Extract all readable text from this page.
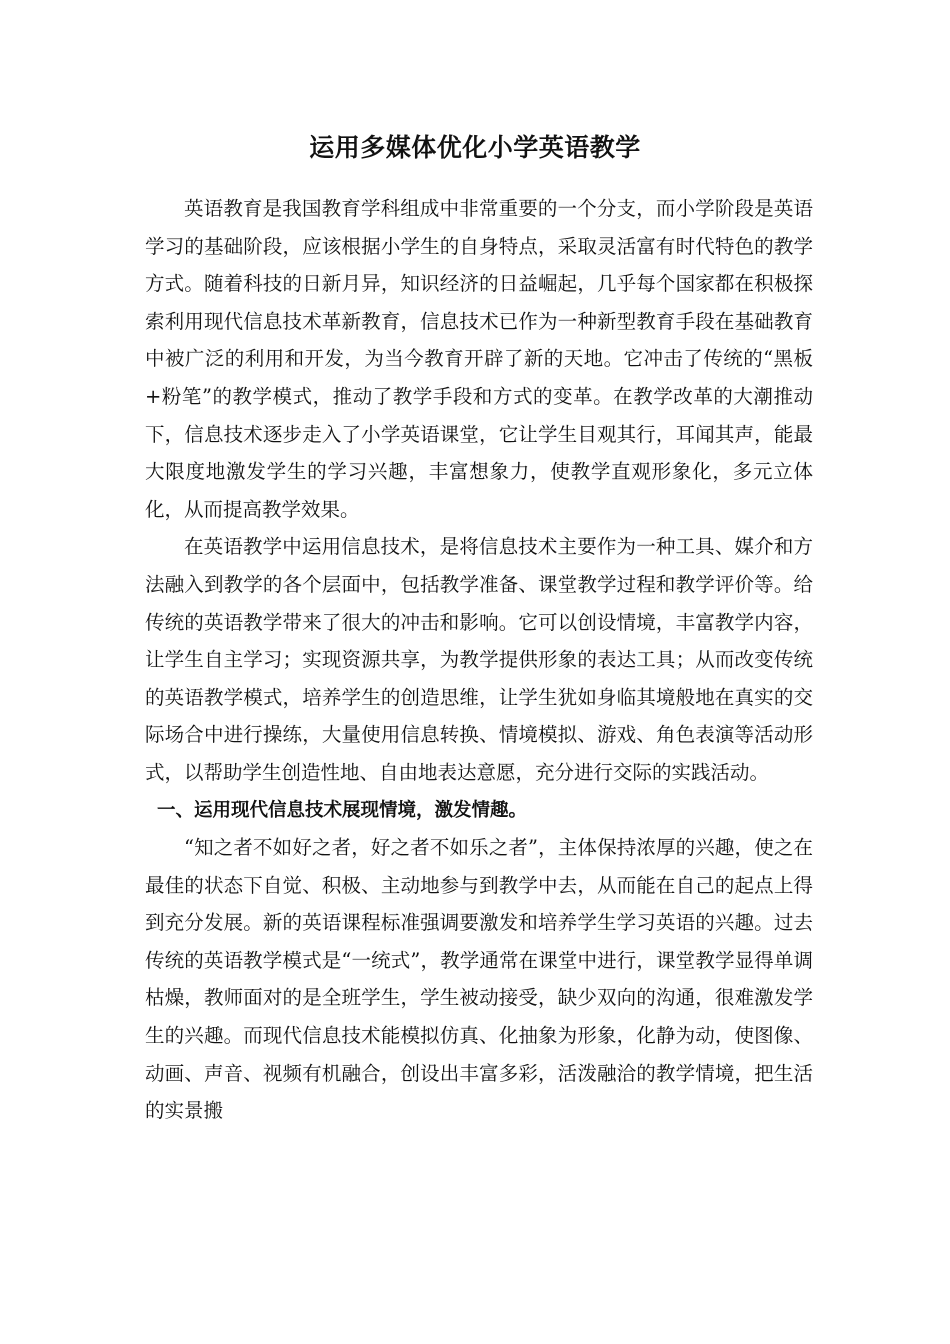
运用多媒体优化小学英语教学

英语教育是我国教育学科组成中非常重要的一个分支，而小学阶段是英语学习的基础阶段，应该根据小学生的自身特点，采取灵活富有时代特色的教学方式。随着科技的日新月异，知识经济的日益崛起，几乎每个国家都在积极探索利用现代信息技术革新教育，信息技术已作为一种新型教育手段在基础教育中被广泛的利用和开发，为当今教育开辟了新的天地。它冲击了传统的“黑板+粉笔”的教学模式，推动了教学手段和方式的变革。在教学改革的大潮推动下，信息技术逐步走入了小学英语课堂，它让学生目观其行，耳闻其声，能最大限度地激发学生的学习兴趣，丰富想象力，使教学直观形象化，多元立体化，从而提高教学效果。

在英语教学中运用信息技术，是将信息技术主要作为一种工具、媒介和方法融入到教学的各个层面中，包括教学准备、课堂教学过程和教学评价等。给传统的英语教学带来了很大的冲击和影响。它可以创设情境，丰富教学内容，让学生自主学习；实现资源共享，为教学提供形象的表达工具；从而改变传统的英语教学模式，培养学生的创造思维，让学生犹如身临其境般地在真实的交际场合中进行操练，大量使用信息转换、情境模拟、游戏、角色表演等活动形式，以帮助学生创造性地、自由地表达意愿，充分进行交际的实践活动。

一、运用现代信息技术展现情境，激发情趣。

“知之者不如好之者，好之者不如乐之者”，主体保持浓厚的兴趣，使之在最佳的状态下自觉、积极、主动地参与到教学中去，从而能在自己的起点上得到充分发展。新的英语课程标准强调要激发和培养学生学习英语的兴趣。过去传统的英语教学模式是“一统式”，教学通常在课堂中进行，课堂教学显得单调枯燥，教师面对的是全班学生，学生被动接受，缺少双向的沟通，很难激发学生的兴趣。而现代信息技术能模拟仿真、化抽象为形象，化静为动，使图像、动画、声音、视频有机融合，创设出丰富多彩，活泼融洽的教学情境，把生活的实景搬
